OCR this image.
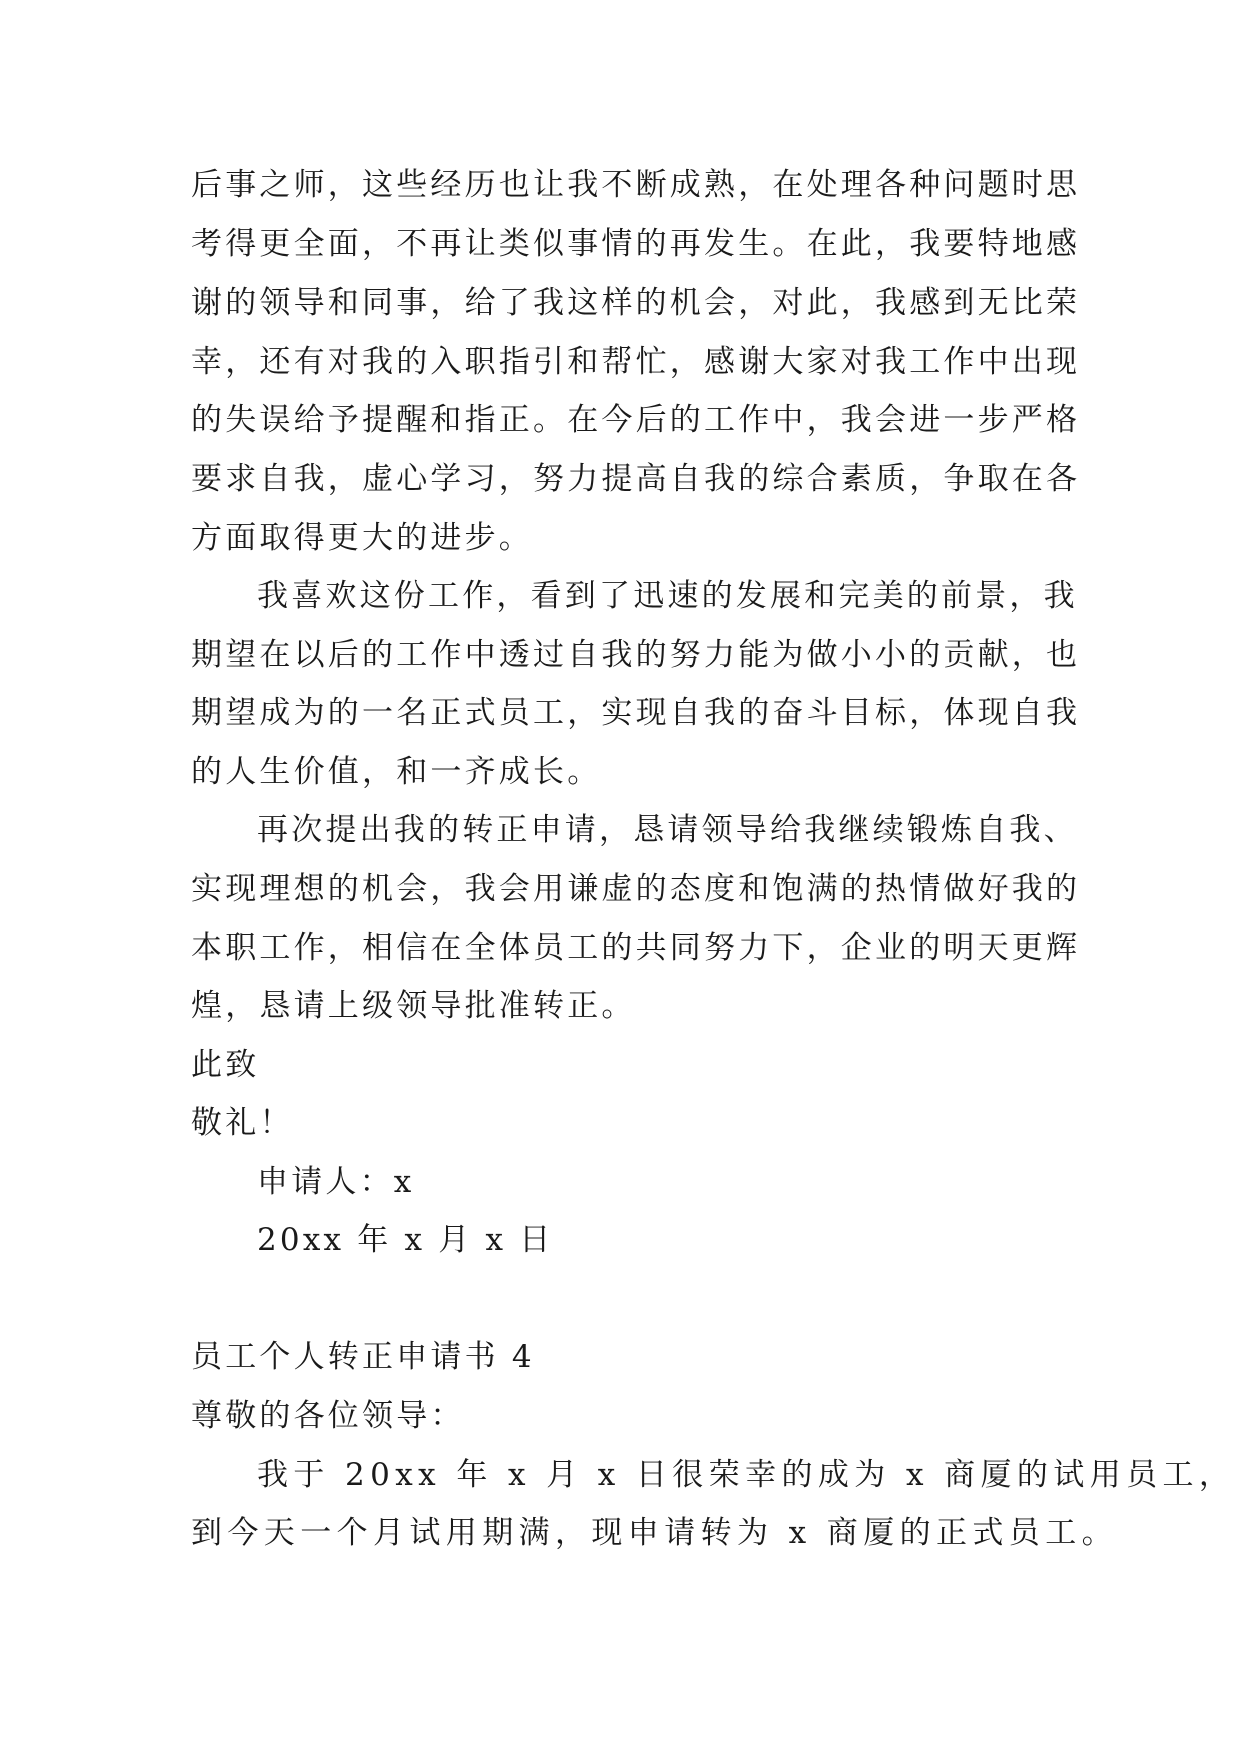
后事之师，这些经历也让我不断成熟，在处理各种问题时思

考得更全面，不再让类似事情的再发生。在此，我要特地感

谢的领导和同事，给了我这样的机会，对此，我感到无比荣

幸，还有对我的入职指引和帮忙，感谢大家对我工作中出现

的失误给予提醒和指正。在今后的工作中，我会进一步严格

要求自我，虚心学习，努力提高自我的综合素质，争取在各

方面取得更大的进步。

我喜欢这份工作，看到了迅速的发展和完美的前景，我

期望在以后的工作中透过自我的努力能为做小小的贡献，也

期望成为的一名正式员工，实现自我的奋斗目标，体现自我

的人生价值，和一齐成长。

再次提出我的转正申请，恳请领导给我继续锻炼自我、

实现理想的机会，我会用谦虚的态度和饱满的热情做好我的

本职工作，相信在全体员工的共同努力下，企业的明天更辉

煌，恳请上级领导批准转正。

此致

敬礼！

申请人：x

20xx 年 x 月 x 日

员工个人转正申请书 4

尊敬的各位领导：

我于 20xx 年 x 月 x 日很荣幸的成为 x 商厦的试用员工，

到今天一个月试用期满，现申请转为 x 商厦的正式员工。
